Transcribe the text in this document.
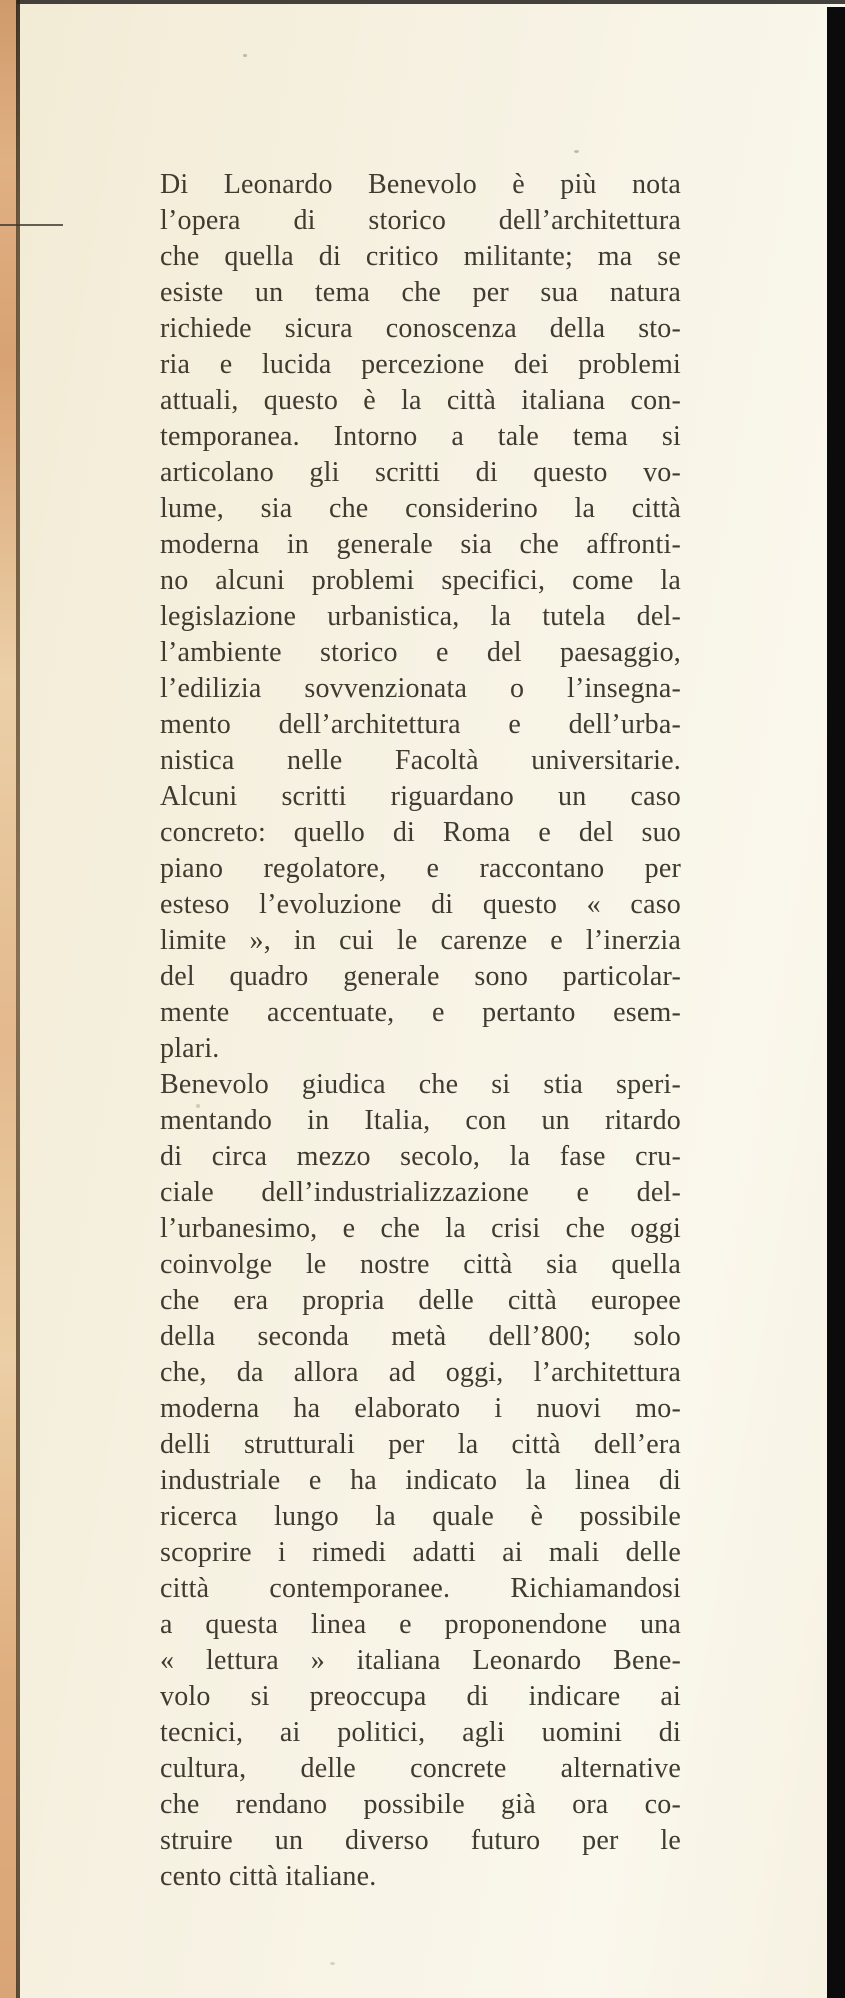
Di Leonardo Benevolo è più nota
l’opera di storico dell’architettura
che quella di critico militante; ma se
esiste un tema che per sua natura
richiede sicura conoscenza della sto-
ria e lucida percezione dei problemi
attuali, questo è la città italiana con-
temporanea. Intorno a tale tema si
articolano gli scritti di questo vo-
lume, sia che considerino la città
moderna in generale sia che affronti-
no alcuni problemi specifici, come la
legislazione urbanistica, la tutela del-
l’ambiente storico e del paesaggio,
l’edilizia sovvenzionata o l’insegna-
mento dell’architettura e dell’urba-
nistica nelle Facoltà universitarie.
Alcuni scritti riguardano un caso
concreto: quello di Roma e del suo
piano regolatore, e raccontano per
esteso l’evoluzione di questo « caso
limite », in cui le carenze e l’inerzia
del quadro generale sono particolar-
mente accentuate, e pertanto esem-
plari.
Benevolo giudica che si stia speri-
mentando in Italia, con un ritardo
di circa mezzo secolo, la fase cru-
ciale dell’industrializzazione e del-
l’urbanesimo, e che la crisi che oggi
coinvolge le nostre città sia quella
che era propria delle città europee
della seconda metà dell’800; solo
che, da allora ad oggi, l’architettura
moderna ha elaborato i nuovi mo-
delli strutturali per la città dell’era
industriale e ha indicato la linea di
ricerca lungo la quale è possibile
scoprire i rimedi adatti ai mali delle
città contemporanee. Richiamandosi
a questa linea e proponendone una
« lettura » italiana Leonardo Bene-
volo si preoccupa di indicare ai
tecnici, ai politici, agli uomini di
cultura, delle concrete alternative
che rendano possibile già ora co-
struire un diverso futuro per le
cento città italiane.
